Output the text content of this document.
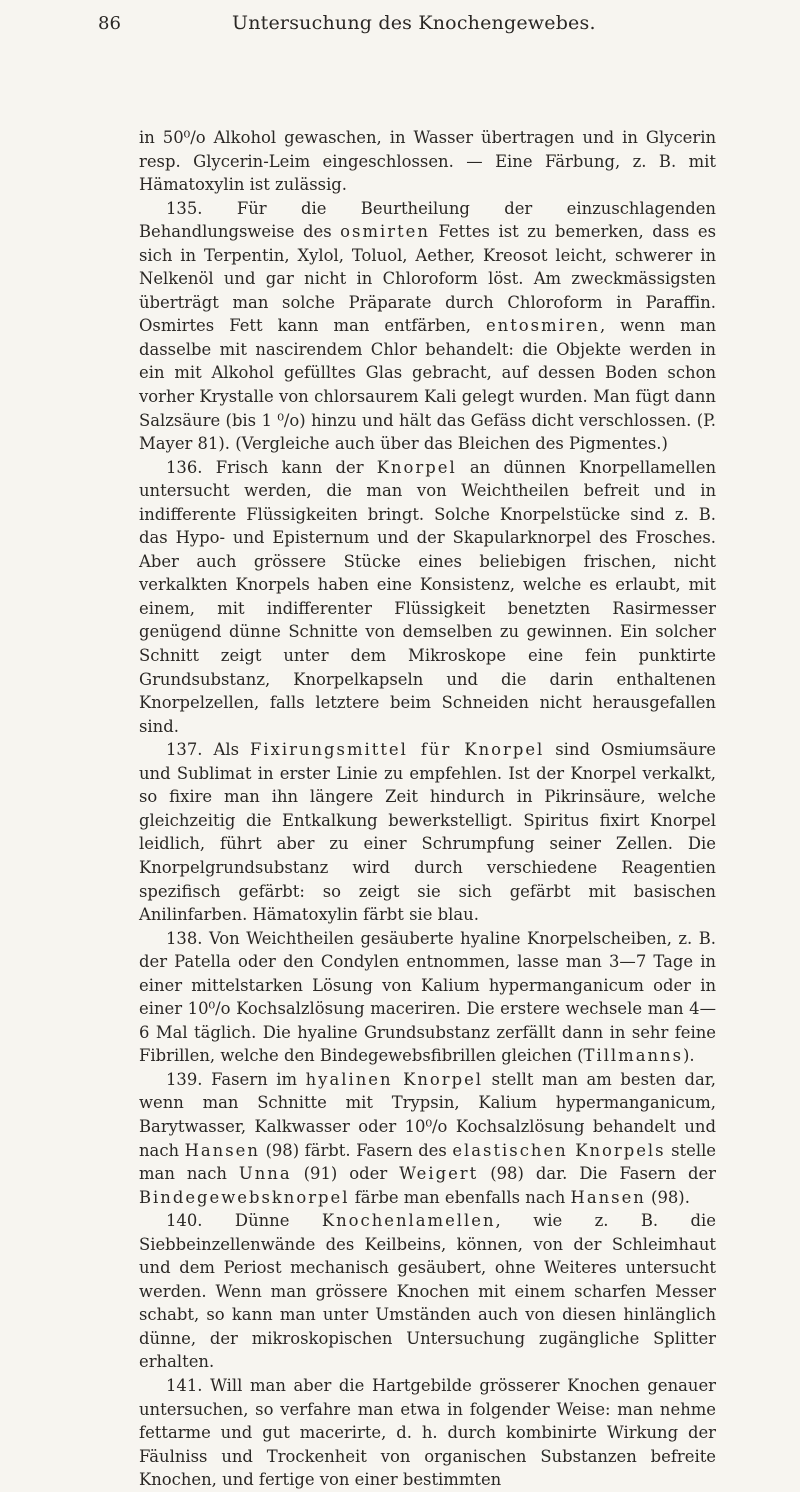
86	Untersuchung des Knochengewebes.

in 50⁰/o Alkohol gewaschen, in Wasser übertragen und in Glycerin resp. Glycerin-Leim eingeschlossen. — Eine Färbung, z. B. mit Hämatoxylin ist zulässig.

135. Für die Beurtheilung der einzuschlagenden Behandlungsweise des osmirten Fettes ist zu bemerken, dass es sich in Terpentin, Xylol, Toluol, Aether, Kreosot leicht, schwerer in Nelkenöl und gar nicht in Chloroform löst. Am zweckmässigsten überträgt man solche Präparate durch Chloroform in Paraffin. Osmirtes Fett kann man entfärben, entosmiren, wenn man dasselbe mit nascirendem Chlor behandelt: die Objekte werden in ein mit Alkohol gefülltes Glas gebracht, auf dessen Boden schon vorher Krystalle von chlorsaurem Kali gelegt wurden. Man fügt dann Salzsäure (bis 1 ⁰/o) hinzu und hält das Gefäss dicht verschlossen. (P. Mayer 81). (Vergleiche auch über das Bleichen des Pigmentes.)

136. Frisch kann der Knorpel an dünnen Knorpellamellen untersucht werden, die man von Weichtheilen befreit und in indifferente Flüssigkeiten bringt. Solche Knorpelstücke sind z. B. das Hypo- und Episternum und der Skapularknorpel des Frosches. Aber auch grössere Stücke eines beliebigen frischen, nicht verkalkten Knorpels haben eine Konsistenz, welche es erlaubt, mit einem, mit indifferenter Flüssigkeit benetzten Rasirmesser genügend dünne Schnitte von demselben zu gewinnen. Ein solcher Schnitt zeigt unter dem Mikroskope eine fein punktirte Grundsubstanz, Knorpelkapseln und die darin enthaltenen Knorpelzellen, falls letztere beim Schneiden nicht herausgefallen sind.

137. Als Fixirungsmittel für Knorpel sind Osmiumsäure und Sublimat in erster Linie zu empfehlen. Ist der Knorpel verkalkt, so fixire man ihn längere Zeit hindurch in Pikrinsäure, welche gleichzeitig die Entkalkung bewerkstelligt. Spiritus fixirt Knorpel leidlich, führt aber zu einer Schrumpfung seiner Zellen. Die Knorpelgrundsubstanz wird durch verschiedene Reagentien spezifisch gefärbt: so zeigt sie sich gefärbt mit basischen Anilinfarben. Hämatoxylin färbt sie blau.

138. Von Weichtheilen gesäuberte hyaline Knorpelscheiben, z. B. der Patella oder den Condylen entnommen, lasse man 3—7 Tage in einer mittelstarken Lösung von Kalium hypermanganicum oder in einer 10⁰/o Kochsalzlösung maceriren. Die erstere wechsele man 4—6 Mal täglich. Die hyaline Grundsubstanz zerfällt dann in sehr feine Fibrillen, welche den Bindegewebsfibrillen gleichen (Tillmanns).

139. Fasern im hyalinen Knorpel stellt man am besten dar, wenn man Schnitte mit Trypsin, Kalium hypermanganicum, Barytwasser, Kalkwasser oder 10⁰/o Kochsalzlösung behandelt und nach Hansen (98) färbt. Fasern des elastischen Knorpels stelle man nach Unna (91) oder Weigert (98) dar. Die Fasern der Bindegewebsknorpel färbe man ebenfalls nach Hansen (98).

140. Dünne Knochenlamellen, wie z. B. die Siebbeinzellenwände des Keilbeins, können, von der Schleimhaut und dem Periost mechanisch gesäubert, ohne Weiteres untersucht werden. Wenn man grössere Knochen mit einem scharfen Messer schabt, so kann man unter Umständen auch von diesen hinlänglich dünne, der mikroskopischen Untersuchung zugängliche Splitter erhalten.

141. Will man aber die Hartgebilde grösserer Knochen genauer untersuchen, so verfahre man etwa in folgender Weise: man nehme fettarme und gut macerirte, d. h. durch kombinirte Wirkung der Fäulniss und Trockenheit von organischen Substanzen befreite Knochen, und fertige von einer bestimmten
